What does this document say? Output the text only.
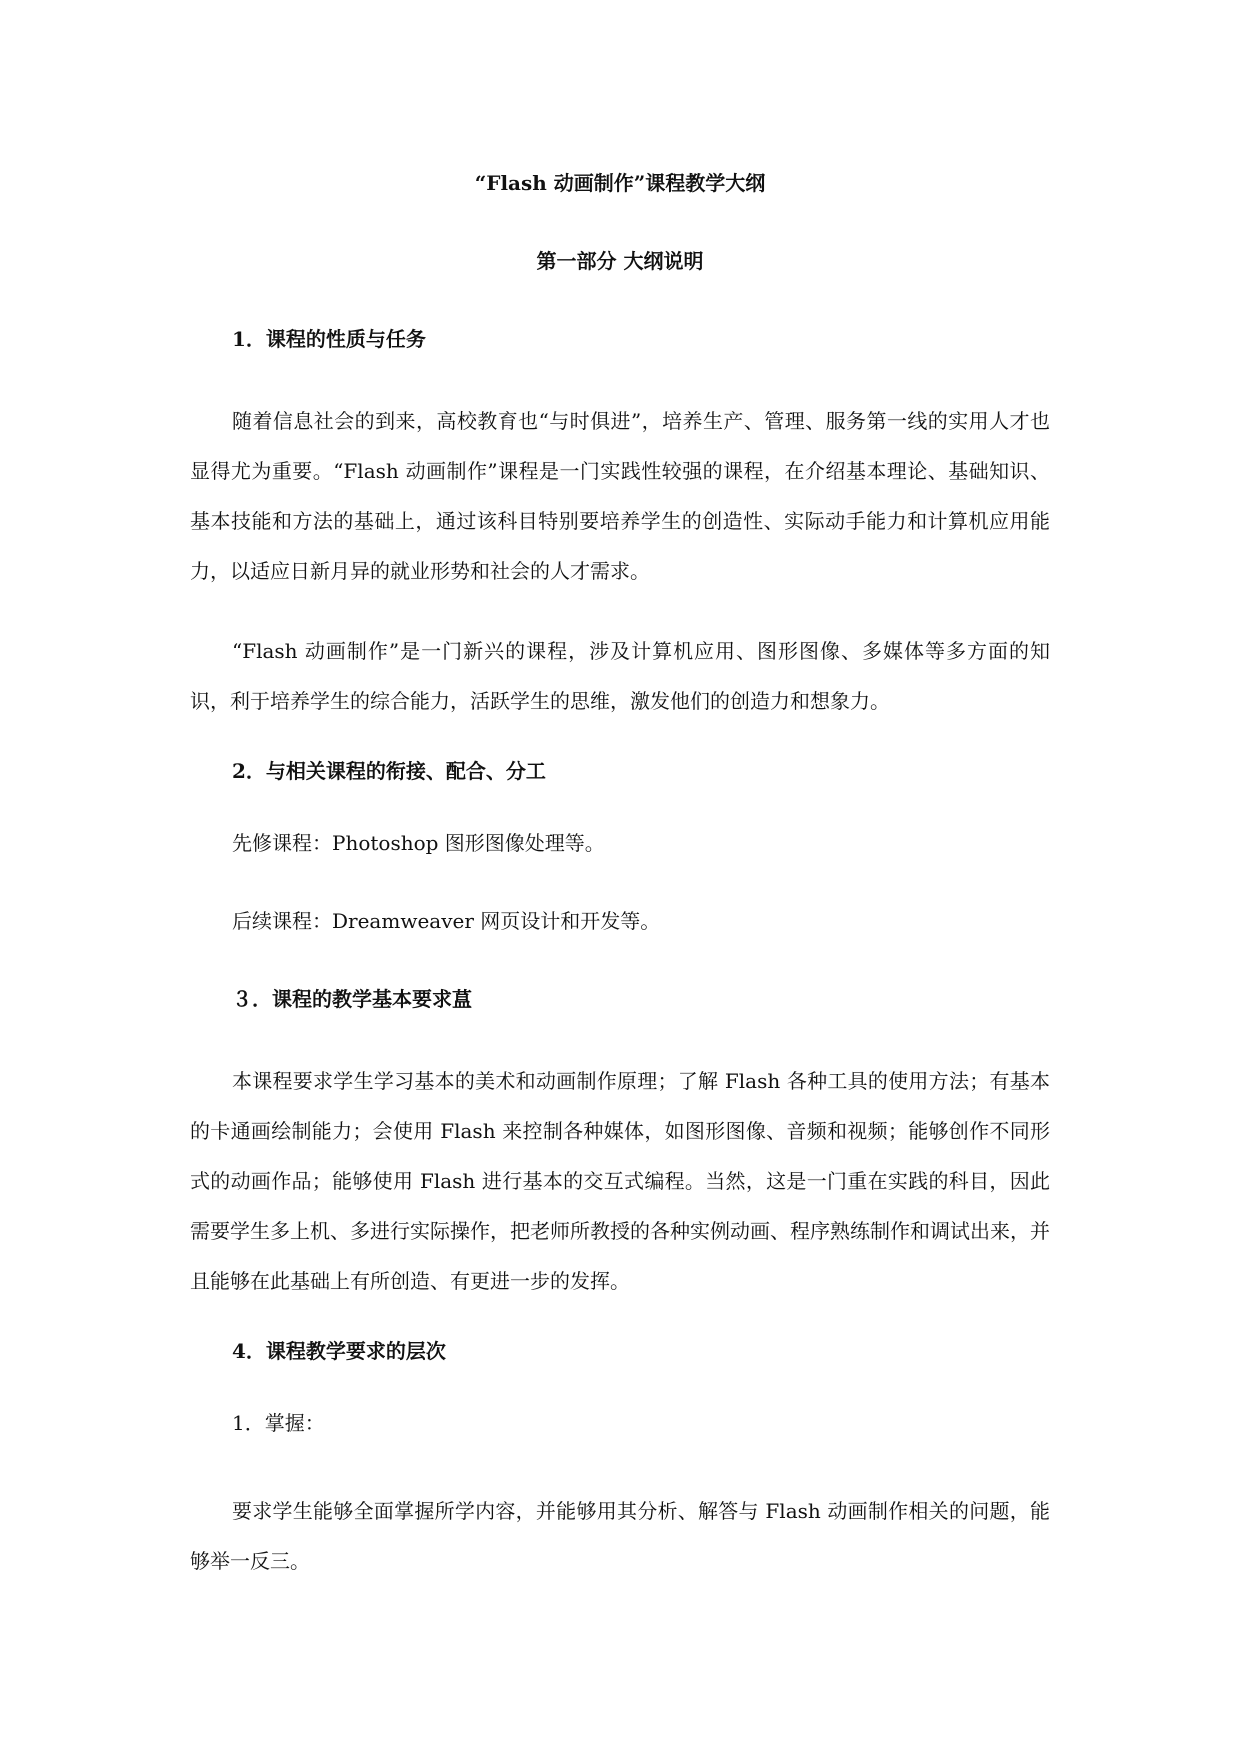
“Flash 动画制作”课程教学大纲
第一部分 大纲说明
1．课程的性质与任务

随着信息社会的到来，高校教育也“与时俱进”，培养生产、管理、服务第一线的实用人才也显得尤为重要。“Flash 动画制作”课程是一门实践性较强的课程，在介绍基本理论、基础知识、基本技能和方法的基础上，通过该科目特别要培养学生的创造性、实际动手能力和计算机应用能力，以适应日新月异的就业形势和社会的人才需求。

“Flash 动画制作”是一门新兴的课程，涉及计算机应用、图形图像、多媒体等多方面的知识，利于培养学生的综合能力，活跃学生的思维，激发他们的创造力和想象力。

2．与相关课程的衔接、配合、分工
先修课程：Photoshop 图形图像处理等。
后续课程：Dreamweaver 网页设计和开发等。
３．课程的教学基本要求蒀

本课程要求学生学习基本的美术和动画制作原理；了解 Flash 各种工具的使用方法；有基本的卡通画绘制能力；会使用 Flash 来控制各种媒体，如图形图像、音频和视频；能够创作不同形式的动画作品；能够使用 Flash 进行基本的交互式编程。当然，这是一门重在实践的科目，因此需要学生多上机、多进行实际操作，把老师所教授的各种实例动画、程序熟练制作和调试出来，并且能够在此基础上有所创造、有更进一步的发挥。

4．课程教学要求的层次
1．掌握：

要求学生能够全面掌握所学内容，并能够用其分析、解答与 Flash 动画制作相关的问题，能够举一反三。
